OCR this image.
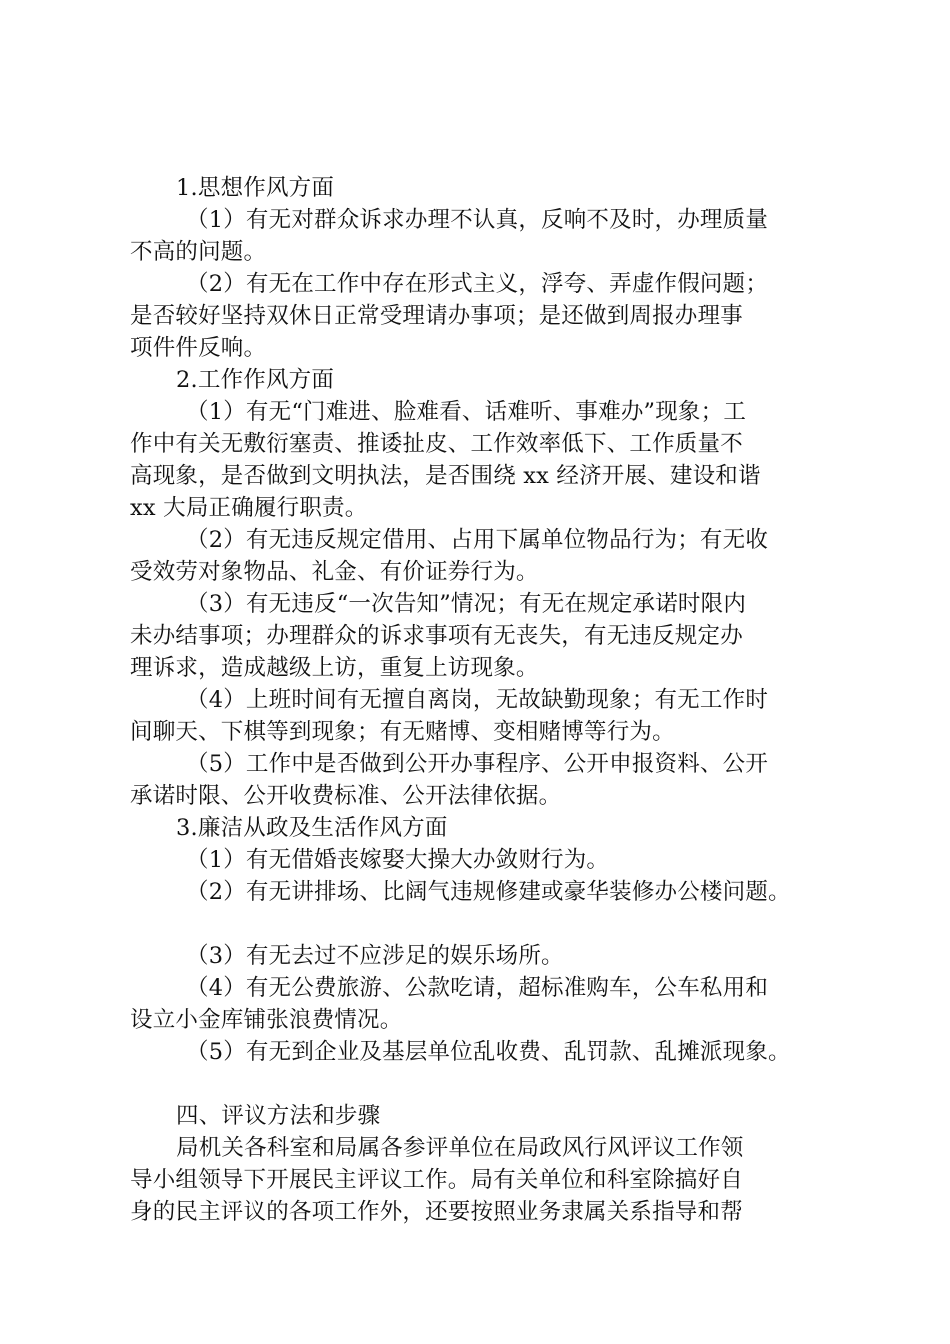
1.思想作风方面
（1）有无对群众诉求办理不认真，反响不及时，办理质量
不高的问题。
（2）有无在工作中存在形式主义，浮夸、弄虚作假问题；
是否较好坚持双休日正常受理请办事项；是还做到周报办理事
项件件反响。
2.工作作风方面
（1）有无“门难进、脸难看、话难听、事难办”现象；工
作中有关无敷衍塞责、推诿扯皮、工作效率低下、工作质量不
高现象，是否做到文明执法，是否围绕 xx 经济开展、建设和谐
xx 大局正确履行职责。
（2）有无违反规定借用、占用下属单位物品行为；有无收
受效劳对象物品、礼金、有价证券行为。
（3）有无违反“一次告知”情况；有无在规定承诺时限内
未办结事项；办理群众的诉求事项有无丧失，有无违反规定办
理诉求，造成越级上访，重复上访现象。
（4）上班时间有无擅自离岗，无故缺勤现象；有无工作时
间聊天、下棋等到现象；有无赌博、变相赌博等行为。
（5）工作中是否做到公开办事程序、公开申报资料、公开
承诺时限、公开收费标准、公开法律依据。
3.廉洁从政及生活作风方面
（1）有无借婚丧嫁娶大操大办敛财行为。
（2）有无讲排场、比阔气违规修建或豪华装修办公楼问题。
（3）有无去过不应涉足的娱乐场所。
（4）有无公费旅游、公款吃请，超标准购车，公车私用和
设立小金库铺张浪费情况。
（5）有无到企业及基层单位乱收费、乱罚款、乱摊派现象。
四、评议方法和步骤
局机关各科室和局属各参评单位在局政风行风评议工作领
导小组领导下开展民主评议工作。局有关单位和科室除搞好自
身的民主评议的各项工作外，还要按照业务隶属关系指导和帮
